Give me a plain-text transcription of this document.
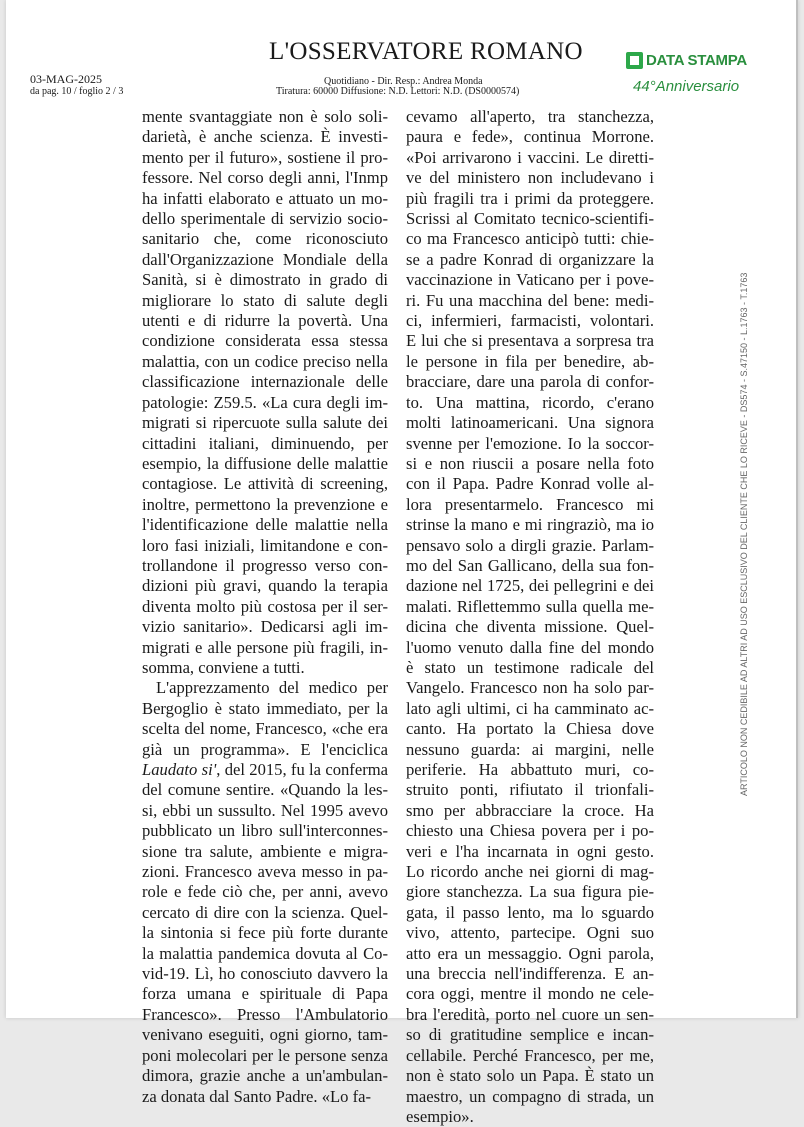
03-MAG-2025
da pag. 10 / foglio 2 / 3
L'OSSERVATORE ROMANO
Quotidiano - Dir. Resp.: Andrea Monda
Tiratura: 60000 Diffusione: N.D. Lettori: N.D. (DS0000574)
DATA STAMPA
44°Anniversario
mente svantaggiate non è solo soli-
darietà, è anche scienza. È investi-
mento per il futuro», sostiene il pro-
fessore. Nel corso degli anni, l'Inmp
ha infatti elaborato e attuato un mo-
dello sperimentale di servizio socio-
sanitario che, come riconosciuto
dall'Organizzazione Mondiale della
Sanità, si è dimostrato in grado di
migliorare lo stato di salute degli
utenti e di ridurre la povertà. Una
condizione considerata essa stessa
malattia, con un codice preciso nella
classificazione internazionale delle
patologie: Z59.5. «La cura degli im-
migrati si ripercuote sulla salute dei
cittadini italiani, diminuendo, per
esempio, la diffusione delle malattie
contagiose. Le attività di screening,
inoltre, permettono la prevenzione e
l'identificazione delle malattie nella
loro fasi iniziali, limitandone e con-
trollandone il progresso verso con-
dizioni più gravi, quando la terapia
diventa molto più costosa per il ser-
vizio sanitario». Dedicarsi agli im-
migrati e alle persone più fragili, in-
somma, conviene a tutti.
L'apprezzamento del medico per
Bergoglio è stato immediato, per la
scelta del nome, Francesco, «che era
già un programma». E l'enciclica
Laudato si', del 2015, fu la conferma
del comune sentire. «Quando la les-
si, ebbi un sussulto. Nel 1995 avevo
pubblicato un libro sull'interconnes-
sione tra salute, ambiente e migra-
zioni. Francesco aveva messo in pa-
role e fede ciò che, per anni, avevo
cercato di dire con la scienza. Quel-
la sintonia si fece più forte durante
la malattia pandemica dovuta al Co-
vid-19. Lì, ho conosciuto davvero la
forza umana e spirituale di Papa
Francesco». Presso l'Ambulatorio
venivano eseguiti, ogni giorno, tam-
poni molecolari per le persone senza
dimora, grazie anche a un'ambulan-
za donata dal Santo Padre. «Lo fa-
cevamo all'aperto, tra stanchezza,
paura e fede», continua Morrone.
«Poi arrivarono i vaccini. Le diretti-
ve del ministero non includevano i
più fragili tra i primi da proteggere.
Scrissi al Comitato tecnico-scientifi-
co ma Francesco anticipò tutti: chie-
se a padre Konrad di organizzare la
vaccinazione in Vaticano per i pove-
ri. Fu una macchina del bene: medi-
ci, infermieri, farmacisti, volontari.
E lui che si presentava a sorpresa tra
le persone in fila per benedire, ab-
bracciare, dare una parola di confor-
to. Una mattina, ricordo, c'erano
molti latinoamericani. Una signora
svenne per l'emozione. Io la soccor-
si e non riuscii a posare nella foto
con il Papa. Padre Konrad volle al-
lora presentarmelo. Francesco mi
strinse la mano e mi ringraziò, ma io
pensavo solo a dirgli grazie. Parlam-
mo del San Gallicano, della sua fon-
dazione nel 1725, dei pellegrini e dei
malati. Riflettemmo sulla quella me-
dicina che diventa missione. Quel-
l'uomo venuto dalla fine del mondo
è stato un testimone radicale del
Vangelo. Francesco non ha solo par-
lato agli ultimi, ci ha camminato ac-
canto. Ha portato la Chiesa dove
nessuno guarda: ai margini, nelle
periferie. Ha abbattuto muri, co-
struito ponti, rifiutato il trionfali-
smo per abbracciare la croce. Ha
chiesto una Chiesa povera per i po-
veri e l'ha incarnata in ogni gesto.
Lo ricordo anche nei giorni di mag-
giore stanchezza. La sua figura pie-
gata, il passo lento, ma lo sguardo
vivo, attento, partecipe. Ogni suo
atto era un messaggio. Ogni parola,
una breccia nell'indifferenza. E an-
cora oggi, mentre il mondo ne cele-
bra l'eredità, porto nel cuore un sen-
so di gratitudine semplice e incan-
cellabile. Perché Francesco, per me,
non è stato solo un Papa. È stato un
maestro, un compagno di strada, un
esempio».
ARTICOLO NON CEDIBILE AD ALTRI AD USO ESCLUSIVO DEL CLIENTE CHE LO RICEVE - DS574 - S.47150 - L.1763 - T.1763
